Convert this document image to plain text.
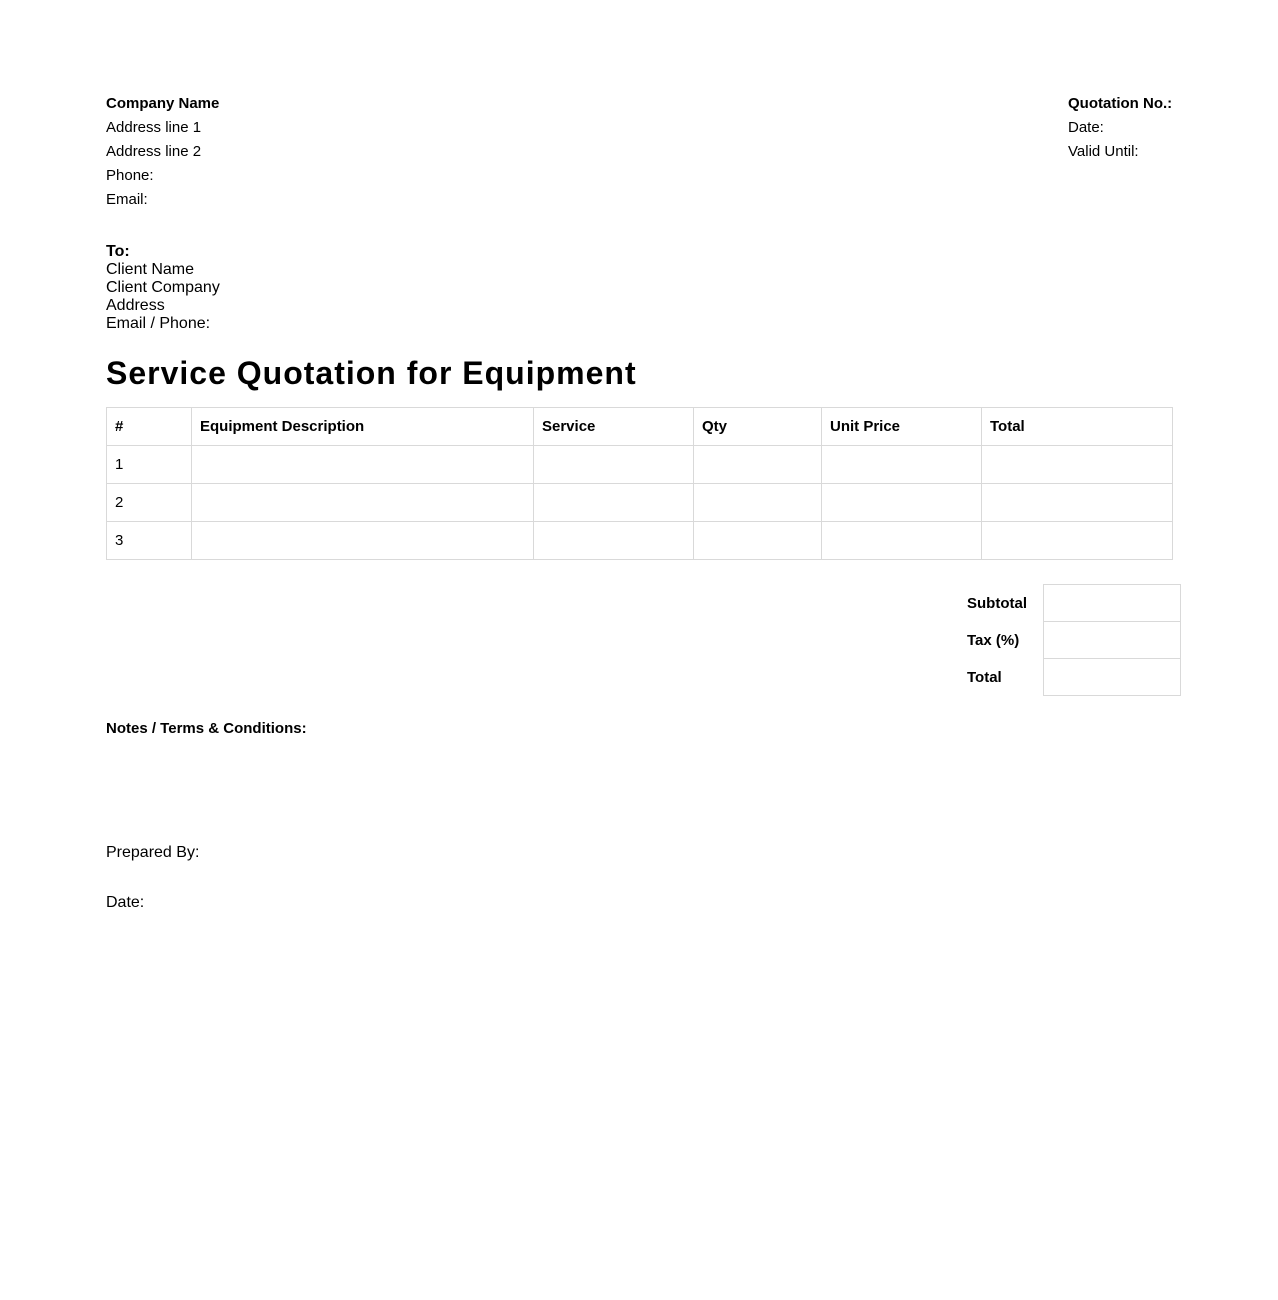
Company Name
Address line 1
Address line 2
Phone:
Email:
Quotation No.:
Date:
Valid Until:
To:
Client Name
Client Company
Address
Email / Phone:
Service Quotation for Equipment
#	Equipment Description	Service	Qty	Unit Price	Total
1					
2					
3					
Subtotal	
Tax (%)	
Total	
Notes / Terms & Conditions:
Prepared By:
Date:
